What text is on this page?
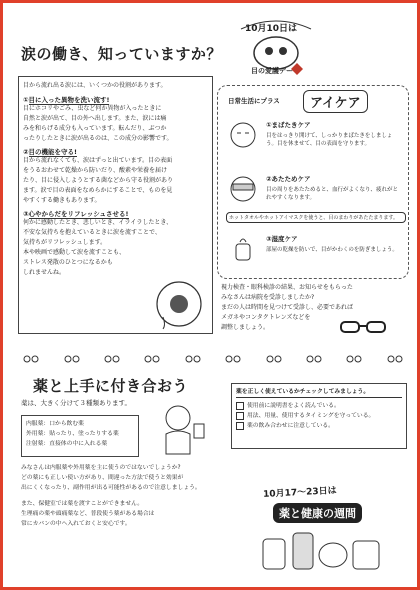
10月10日は
目の愛護デー
涙の働き、知っていますか？
目から流れ出る涙には、いくつかの役割があります。
①目に入った異物を洗い流す!
目にホコリやごみ、虫など何か異物が入ったときに
自然と涙が出て、目の外へ出します。また、涙には痛
みを和らげる成分も入っています。転んだり、ぶつか
ったりしたときに涙が出るのは、この成分の影響です。
②目の機能を守る!
目から流れなくても、涙はずっと出ています。目の表面
をうるおわせて乾燥から防いだり、酸素や栄養を届け
たり、目に侵入しようとする菌などから守る役割があり
ます。涙で目の表面をなめらかにすることで、ものを見
やすくする働きもあります。
③心やからだをリフレッシュさせる!
何かに感動したとき、悲しいとき、イライラしたとき、
不安な気持ちを抱えているときに涙を流すことで、
気持ちがリフレッシュします。
本や映画で感動して涙を流すことも、
ストレス発散のひとつになるかも
しれませんね。
日常生活にプラス	アイケア
①まばたきケア
目をはっきり開けて、しっかりまばたきをしましょう。目を休ませて、目の表面を守ります。
②あたためケア
目の周りをあたためると、血行がよくなり、疲れがとれやすくなります。
ホットタオルやホットアイマスクを使うと、目のまわりがあたたまります。
③湿度ケア
部屋の乾燥を防いで、目がかわくのを防ぎましょう。
視力検査・眼科検診の結果、お知らせをもらった
みなさんは病院を受診しましたか?
まだの人は時間を見つけて受診し、必要であれば
メガネやコンタクトレンズなどを
調整しましょう。
薬と上手に付き合おう
薬は、大きく分けて３種類あります。
内服薬：口から飲む薬
外用薬：貼ったり、塗ったりする薬
注射薬：直接体の中に入れる薬
みなさんは内服薬や外用薬を主に使うのではないでしょうか?
どの薬にも正しい使い方があり、間違った方法で使うと効果が
出にくくなったり、副作用が出る可能性があるので注意しましょう。
また、保健室では薬を渡すことができません。
生理痛の薬や頭痛薬など、普段使う薬がある場合は
常にカバンの中へ入れておくと安心です。
薬を正しく使えているかチェックしてみましょう。
使用前に説明書をよく読んでいる。
用法、用量、使用するタイミングを守っている。
薬の飲み合わせに注意している。
10月17〜23日は
薬と健康の週間
